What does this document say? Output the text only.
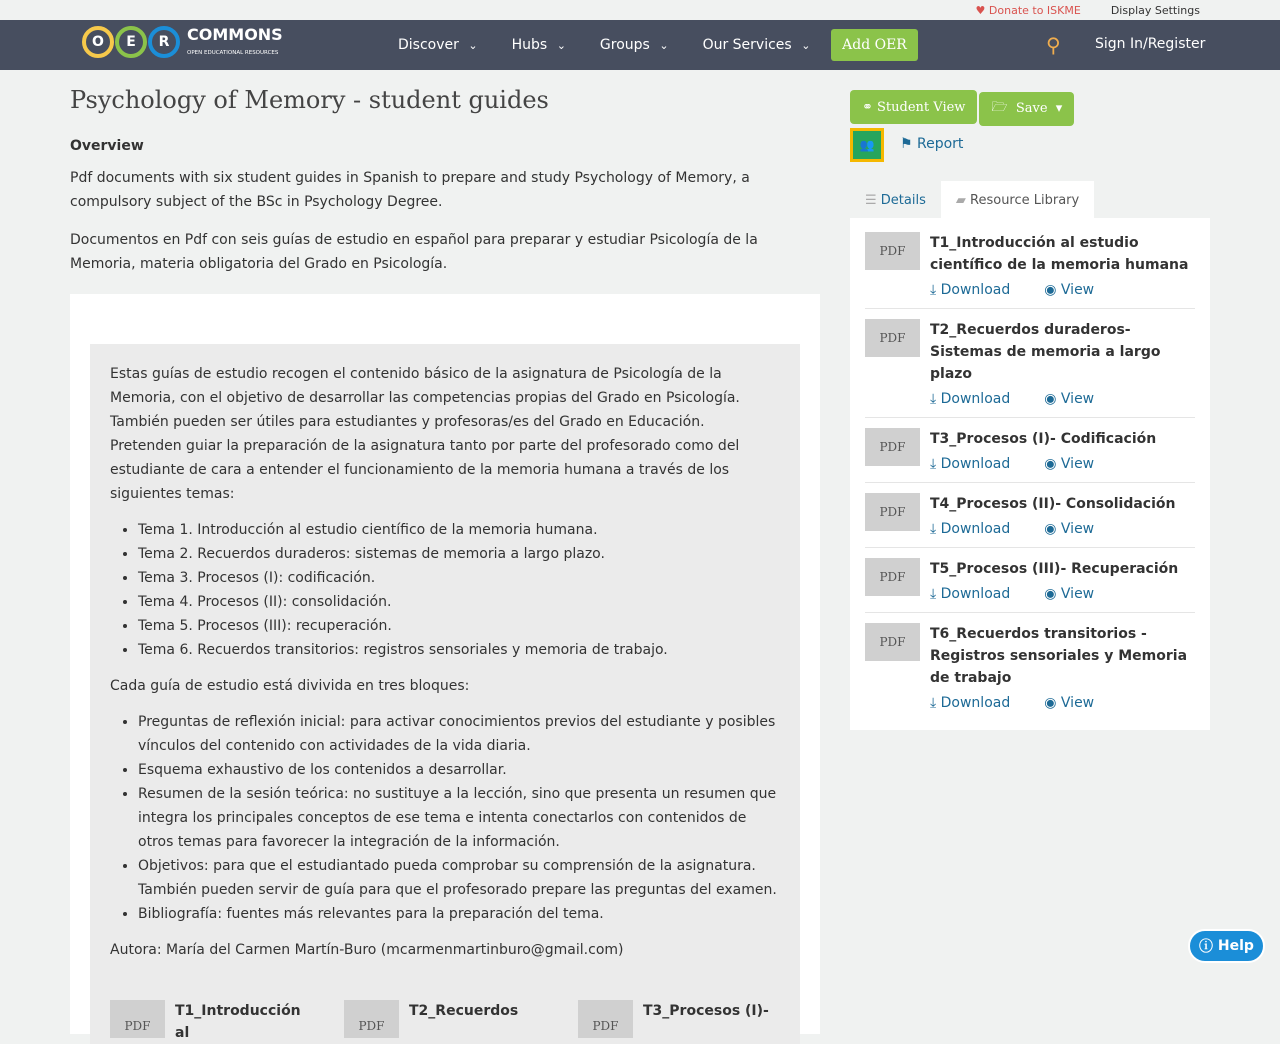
♥ Donate to ISKME	Display Settings
O	E	R	COMMONS
OPEN EDUCATIONAL RESOURCES	Discover ⌄	Hubs ⌄	Groups ⌄	Our Services ⌄	Add OER	⚲ Sign In/Register
Psychology of Memory - student guides
Overview

Pdf documents with six student guides in Spanish to prepare and study Psychology of Memory, a compulsory subject of the BSc in Psychology Degree.

Documentos en Pdf con seis guías de estudio en español para preparar y estudiar Psicología de la Memoria, materia obligatoria del Grado en Psicología.

Estas guías de estudio recogen el contenido básico de la asignatura de Psicología de la Memoria, con el objetivo de desarrollar las competencias propias del Grado en Psicología. También pueden ser útiles para estudiantes y profesoras/es del Grado en Educación. Pretenden guiar la preparación de la asignatura tanto por parte del profesorado como del estudiante de cara a entender el funcionamiento de la memoria humana a través de los siguientes temas:

• Tema 1. Introducción al estudio científico de la memoria humana.
• Tema 2. Recuerdos duraderos: sistemas de memoria a largo plazo.
• Tema 3. Procesos (I): codificación.
• Tema 4. Procesos (II): consolidación.
• Tema 5. Procesos (III): recuperación.
• Tema 6. Recuerdos transitorios: registros sensoriales y memoria de trabajo.

Cada guía de estudio está divivida en tres bloques:

• Preguntas de reflexión inicial: para activar conocimientos previos del estudiante y posibles vínculos del contenido con actividades de la vida diaria.
• Esquema exhaustivo de los contenidos a desarrollar.
• Resumen de la sesión teórica: no sustituye a la lección, sino que presenta un resumen que integra los principales conceptos de ese tema e intenta conectarlos con contenidos de otros temas para favorecer la integración de la información.
• Objetivos: para que el estudiantado pueda comprobar su comprensión de la asignatura. También pueden servir de guía para que el profesorado prepare las preguntas del examen.
• Bibliografía: fuentes más relevantes para la preparación del tema.

Autora: María del Carmen Martín-Buro (mcarmenmartinburo@gmail.com)

PDF
T1_Introducción al	PDF
T2_Recuerdos
PDF
T3_Procesos (I)-
⚭ Student View 🗁 Save ▾
👥	⚑ Report
☰ Details ▰ Resource Library
PDF	T1_Introducción al estudio científico de la memoria humana
⤓ Download ◉ View
PDF	T2_Recuerdos duraderos- Sistemas de memoria a largo plazo
⤓ Download ◉ View
PDF	T3_Procesos (I)- Codificación
⤓ Download ◉ View
PDF	T4_Procesos (II)- Consolidación
⤓ Download ◉ View
PDF	T5_Procesos (III)- Recuperación
⤓ Download ◉ View
PDF	T6_Recuerdos transitorios - Registros sensoriales y Memoria de trabajo
⤓ Download ◉ View
ⓘ Help
